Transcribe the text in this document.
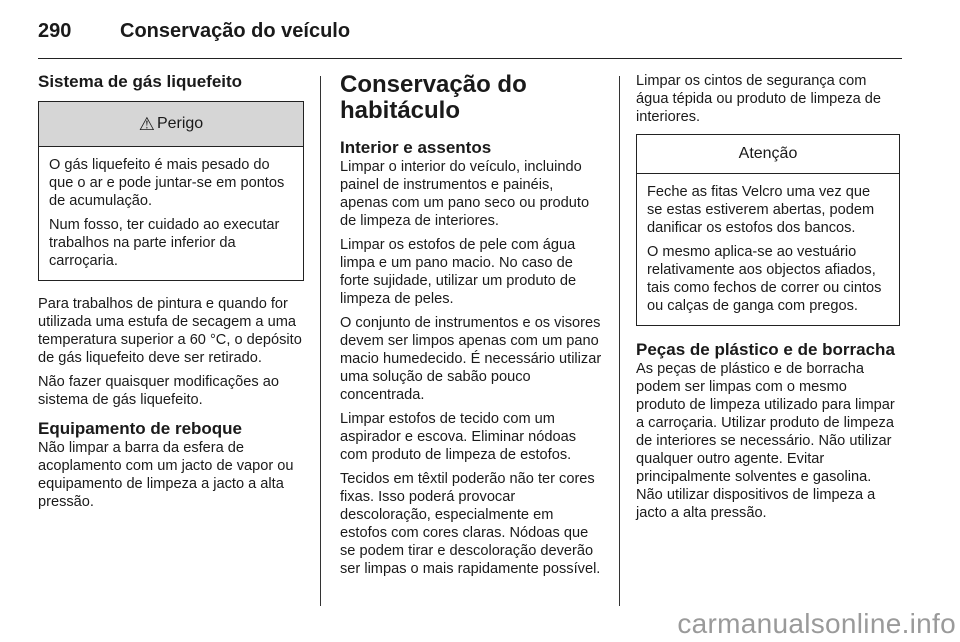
290 Conservação do veículo
Sistema de gás liquefeito
⚠ Perigo

O gás liquefeito é mais pesado do que o ar e pode juntar-se em pontos de acumulação.

Num fosso, ter cuidado ao executar trabalhos na parte inferior da carroçaria.

Para trabalhos de pintura e quando for utilizada uma estufa de secagem a uma temperatura superior a 60 °C, o depósito de gás liquefeito deve ser retirado.

Não fazer quaisquer modificações ao sistema de gás liquefeito.

Equipamento de reboque

Não limpar a barra da esfera de acoplamento com um jacto de vapor ou equipamento de limpeza a jacto a alta pressão.

Conservação do habitáculo
Interior e assentos

Limpar o interior do veículo, incluindo painel de instrumentos e painéis, apenas com um pano seco ou produto de limpeza de interiores.

Limpar os estofos de pele com água limpa e um pano macio. No caso de forte sujidade, utilizar um produto de limpeza de peles.

O conjunto de instrumentos e os visores devem ser limpos apenas com um pano macio humedecido. É necessário utilizar uma solução de sabão pouco concentrada.

Limpar estofos de tecido com um aspirador e escova. Eliminar nódoas com produto de limpeza de estofos.

Tecidos em têxtil poderão não ter cores fixas. Isso poderá provocar descoloração, especialmente em estofos com cores claras. Nódoas que se podem tirar e descoloração deverão ser limpas o mais rapidamente possível.

Limpar os cintos de segurança com água tépida ou produto de limpeza de interiores.

Atenção

Feche as fitas Velcro uma vez que se estas estiverem abertas, podem danificar os estofos dos bancos.

O mesmo aplica-se ao vestuário relativamente aos objectos afiados, tais como fechos de correr ou cintos ou calças de ganga com pregos.

Peças de plástico e de borracha

As peças de plástico e de borracha podem ser limpas com o mesmo produto de limpeza utilizado para limpar a carroçaria. Utilizar produto de limpeza de interiores se necessário. Não utilizar qualquer outro agente. Evitar principalmente solventes e gasolina. Não utilizar dispositivos de limpeza a jacto a alta pressão.

carmanualsonline.info
